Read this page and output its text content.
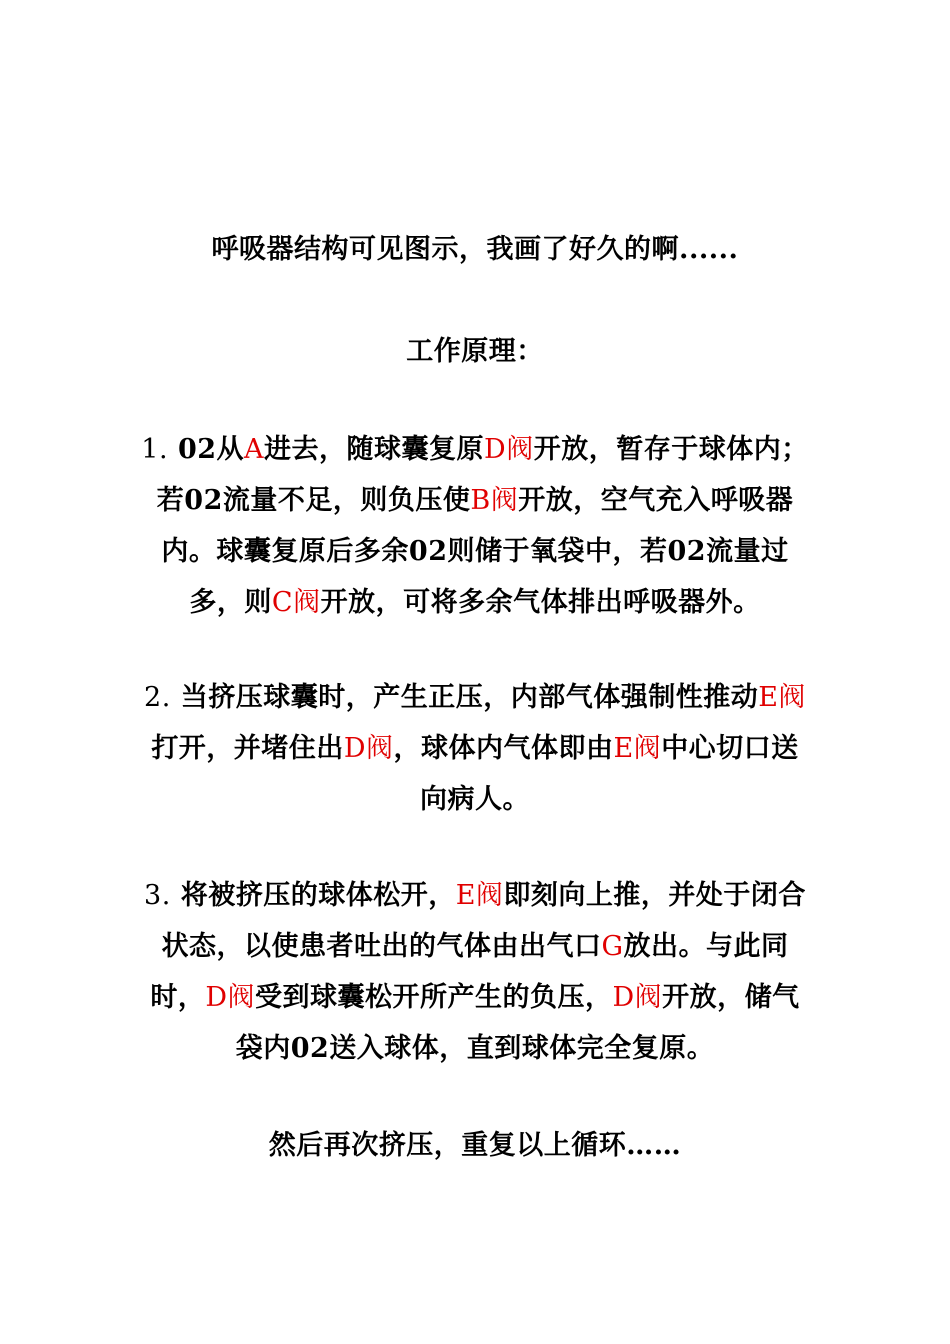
呼吸器结构可见图示，我画了好久的啊......
工作原理：
1. 02从A进去，随球囊复原D阀开放，暂存于球体内；若02流量不足，则负压使B阀开放，空气充入呼吸器内。球囊复原后多余02则储于氧袋中，若02流量过多，则C阀开放，可将多余气体排出呼吸器外。
2. 当挤压球囊时，产生正压，内部气体强制性推动E阀打开，并堵住出D阀，球体内气体即由E阀中心切口送向病人。
3. 将被挤压的球体松开，E阀即刻向上推，并处于闭合状态，以使患者吐出的气体由出气口G放出。与此同时，D阀受到球囊松开所产生的负压，D阀开放，储气袋内02送入球体，直到球体完全复原。
然后再次挤压，重复以上循环……
